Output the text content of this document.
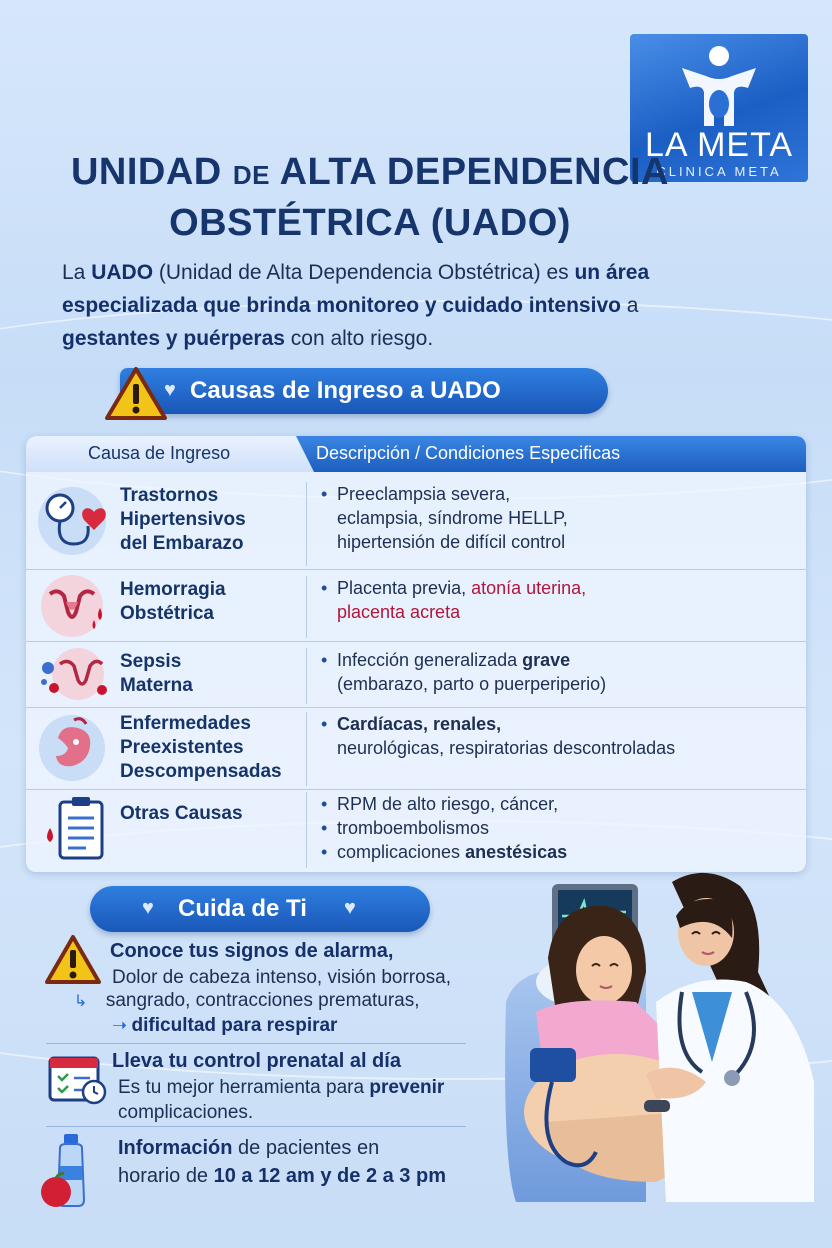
LA META
CLINICA META
UNIDAD DE ALTA DEPENDENCIA
OBSTÉTRICA (UADO)
La UADO (Unidad de Alta Dependencia Obstétrica) es un área
especializada que brinda monitoreo y cuidado intensivo a
gestantes y puérperas con alto riesgo.
♥ Causas de Ingreso a UADO
Causa de Ingreso	Descripción / Condiciones Especificas
Trastornos
Hipertensivos
del Embarazo
• Preeclampsia severa,
eclampsia, síndrome HELLP,
hipertensión de difícil control
Hemorragia
Obstétrica
• Placenta previa, atonía uterina,
placenta acreta
Sepsis
Materna
• Infección generalizada grave
(embarazo, parto o puerperiperio)
Enfermedades
Preexistentes
Descompensadas
• Cardíacas, renales,
neurológicas, respiratorias descontroladas
Otras Causas
•	RPM de alto riesgo, cáncer,
• tromboembolismos
• complicaciones anestésicas
♥ Cuida de Ti ♥
Conoce tus signos de alarma,
Dolor de cabeza intenso, visión borrosa,
↳ sangrado, contracciones prematuras,
➝ dificultad para respirar
Lleva tu control prenatal al día
Es tu mejor herramienta para prevenir
complicaciones.
Información de pacientes en
horario de 10 a 12 am y de 2 a 3 pm
